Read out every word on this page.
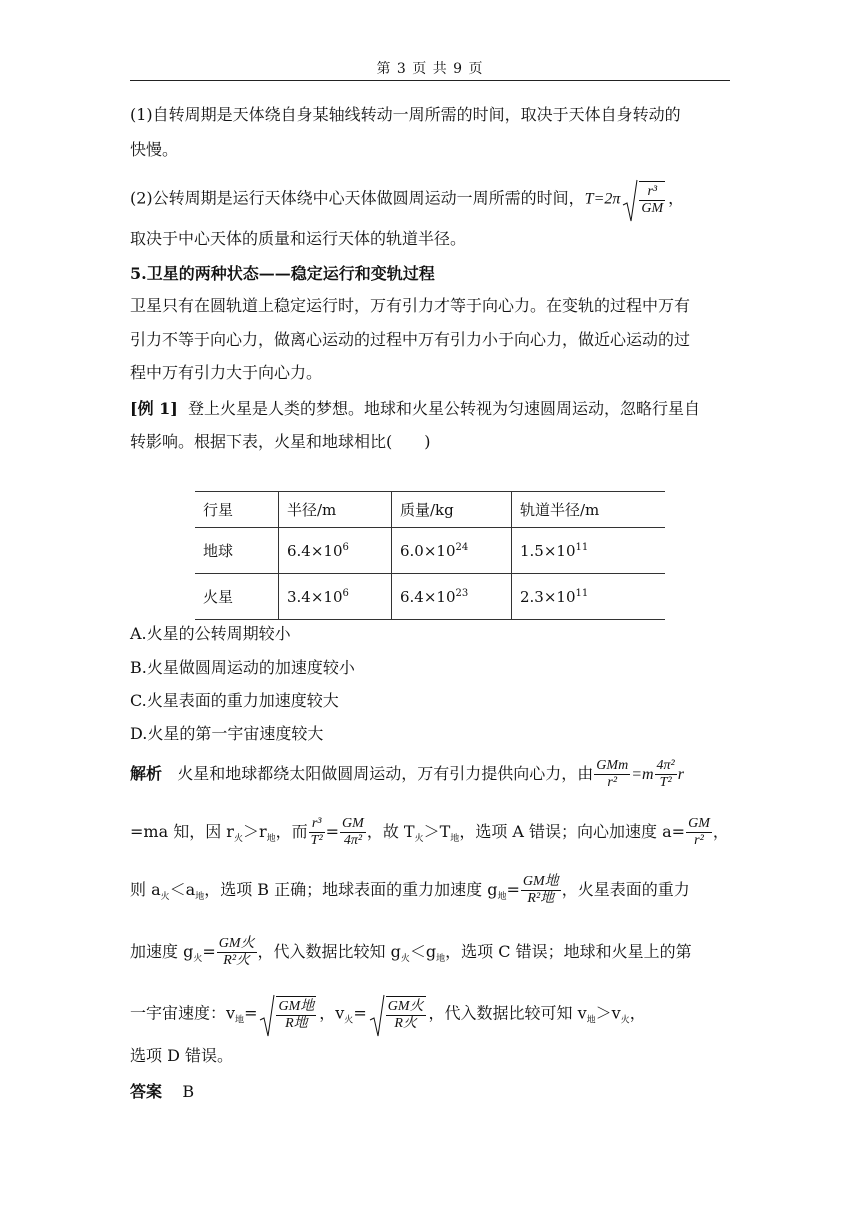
第 3 页 共 9 页
(1)自转周期是天体绕自身某轴线转动一周所需的时间，取决于天体自身转动的
快慢。
(2)公转周期是运行天体绕中心天体做圆周运动一周所需的时间，$T=2\pi \frac{\text{r³}}{GM}$ ，
取决于中心天体的质量和运行天体的轨道半径。
5.卫星的两种状态——稳定运行和变轨过程
卫星只有在圆轨道上稳定运行时，万有引力才等于向心力。在变轨的过程中万有
引力不等于向心力，做离心运动的过程中万有引力小于向心力，做近心运动的过
程中万有引力大于向心力。
[例 1] 登上火星是人类的梦想。地球和火星公转视为匀速圆周运动，忽略行星自
转影响。根据下表，火星和地球相比(　　)
行星	半径/m	质量/kg	轨道半径/m
地球	$6.4\times 10^6$	$6.0\times 10^{24}$	$1.5\times 10^{11}$
火星	$3.4\times 10^6$	$6.4\times 10^{23}$	$2.3\times 10^{11}$
A.火星的公转周期较小
B.火星做圆周运动的加速度较小
C.火星表面的重力加速度较大
D.火星的第一宇宙速度较大
解析 火星和地球都绕太阳做圆周运动，万有引力提供向心力，由 $\frac{\text{GMm}}{\text{r²}} =m \frac{\text{4π²}}{\text{T²}}$ r
=ma 知，因 $r_火>r_地$，而 $\frac{\text{r³}}{\text{T²}} = \frac{GM}{\text{4π²}}$ ，故 $T_火>T_地$，选项 A 错误；向心加速度 $a= \frac{GM}{\text{r²}}$ ，
则 $a_火<a_地$，选项 B 正确；地球表面的重力加速度 $g_地= \frac{\text{GM地}}{\text{R²地}}$ ，火星表面的重力
加速度 $g_火= \frac{\text{GM火}}{\text{R²火}}$ ，代入数据比较知 $g_火<g_地$，选项 C 错误；地球和火星上的第
一宇宙速度：$v_地= \frac{\text{GM地}}{\text{R地}}$ ，$v_火= \frac{\text{GM火}}{\text{R火}}$ ，代入数据比较可知 $v_地>v_火$，
选项 D 错误。
答案 B
